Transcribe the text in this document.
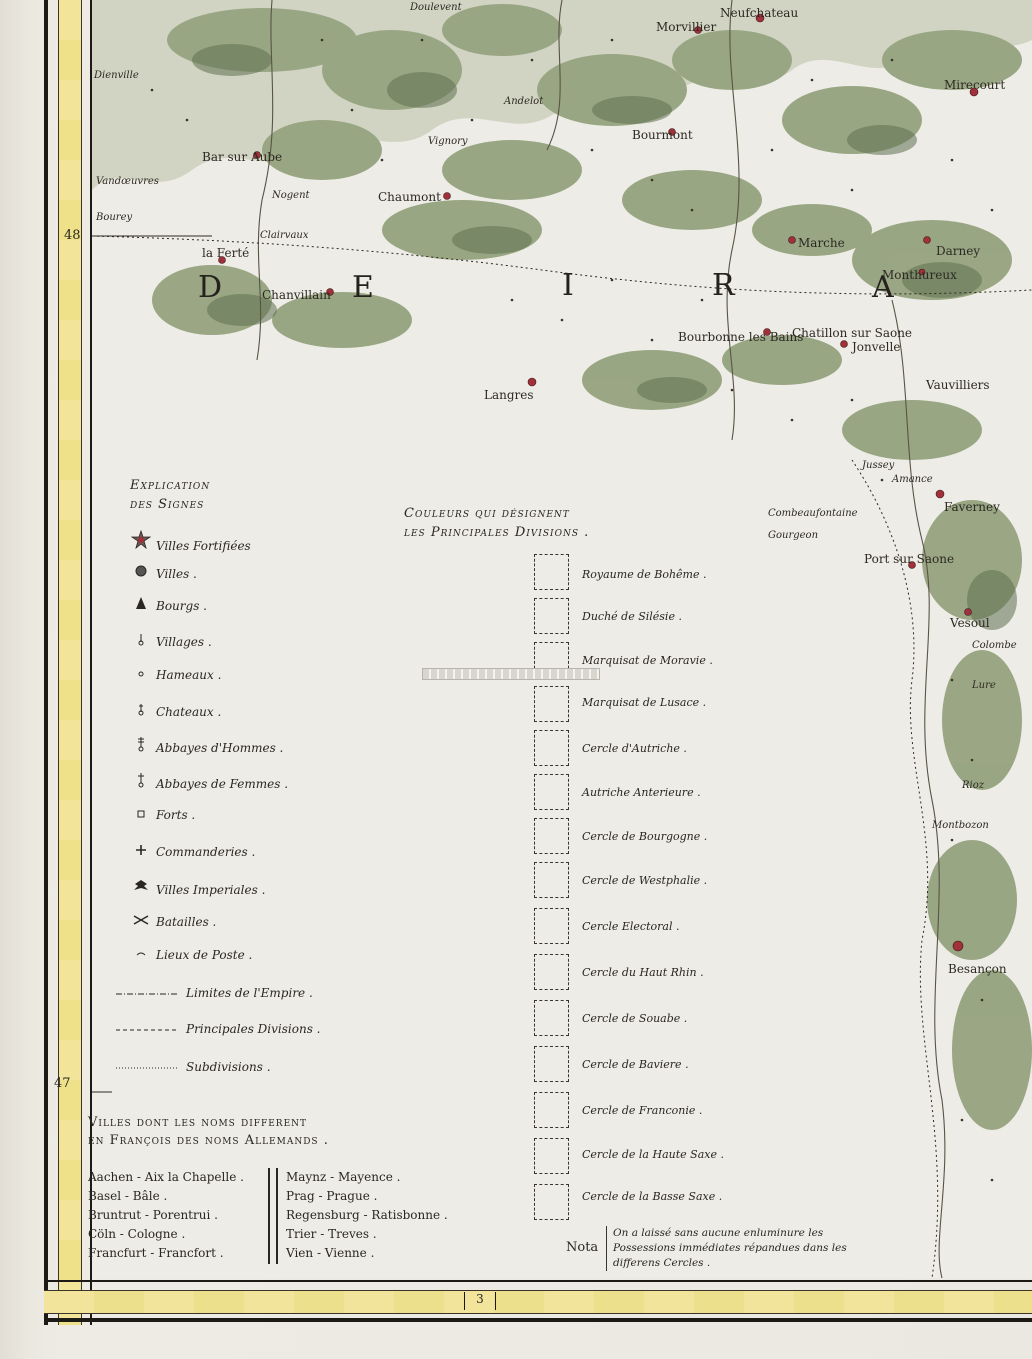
48
47
D	E	I	R	A
Neufchateau
Morvillier
Mirecourt
Bourmont
Bar sur Aube
Chaumont
la Ferté
Chanvillain
Marche
Darney
Bourbonne les Bains
Chatillon sur Saone
Jonvelle
Vauvilliers
Langres
Faverney
Port sur Saone
Vesoul
Besançon
Monthureux
Doulevent
Andelot
Vignory
Dienville
Vandœuvres
Bourey
Clairvaux
Nogent
Jussey
Lure
Colombe
Rioz
Montbozon
Gourgeon
Amance
Combeaufontaine
Explication
des Signes
Villes Fortifiées
Villes .
Bourgs .
Villages .
Hameaux .
Chateaux .
Abbayes d'Hommes .
Abbayes de Femmes .
Forts .
Commanderies .
Villes Imperiales .
Batailles .
Lieux de Poste .
Limites de l'Empire .
Principales Divisions .
Subdivisions .
Couleurs qui désignent
les Principales Divisions .
Royaume de Bohême .
Duché de Silésie .
Marquisat de Moravie .
Marquisat de Lusace .
Cercle d'Autriche .
Autriche Anterieure .
Cercle de Bourgogne .
Cercle de Westphalie .
Cercle Electoral .
Cercle du Haut Rhin .
Cercle de Souabe .
Cercle de Baviere .
Cercle de Franconie .
Cercle de la Haute Saxe .
Cercle de la Basse Saxe .
Villes dont les noms different
en François des noms Allemands .
Aachen - Aix la Chapelle .
Basel - Bâle .
Bruntrut - Porentrui .
Cöln - Cologne .
Francfurt - Francfort .
Maynz - Mayence .
Prag - Prague .
Regensburg - Ratisbonne .
Trier - Treves .
Vien - Vienne .	Nota
On a laissé sans aucune enluminure les Possessions immédiates répandues dans les differens Cercles .
3
